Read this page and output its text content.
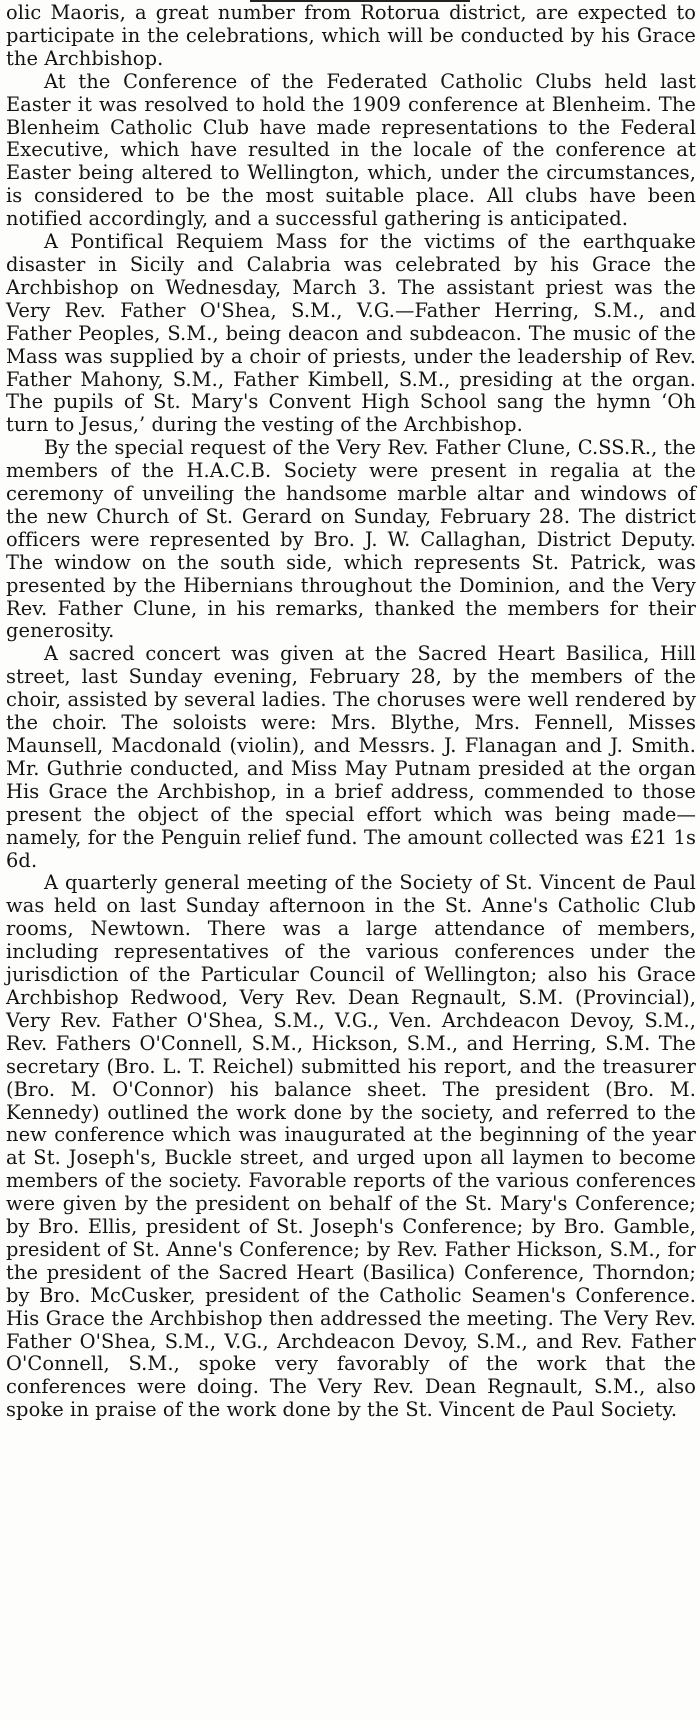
olic Maoris, a great number from Rotorua district, are expected to participate in the celebrations, which will be conducted by his Grace the Archbishop.

At the Conference of the Federated Catholic Clubs held last Easter it was resolved to hold the 1909 conference at Blenheim. The Blenheim Catholic Club have made representations to the Federal Executive, which have resulted in the locale of the conference at Easter being altered to Wellington, which, under the circumstances, is considered to be the most suitable place. All clubs have been notified accordingly, and a successful gathering is anticipated.

A Pontifical Requiem Mass for the victims of the earthquake disaster in Sicily and Calabria was celebrated by his Grace the Archbishop on Wednesday, March 3. The assistant priest was the Very Rev. Father O'Shea, S.M., V.G.—Father Herring, S.M., and Father Peoples, S.M., being deacon and subdeacon. The music of the Mass was supplied by a choir of priests, under the leadership of Rev. Father Mahony, S.M., Father Kimbell, S.M., presiding at the organ. The pupils of St. Mary's Convent High School sang the hymn ‘Oh turn to Jesus,’ during the vesting of the Archbishop.

By the special request of the Very Rev. Father Clune, C.SS.R., the members of the H.A.C.B. Society were present in regalia at the ceremony of unveiling the handsome marble altar and windows of the new Church of St. Gerard on Sunday, February 28. The district officers were represented by Bro. J. W. Callaghan, District Deputy. The window on the south side, which represents St. Patrick, was presented by the Hibernians throughout the Dominion, and the Very Rev. Father Clune, in his remarks, thanked the members for their generosity.

A sacred concert was given at the Sacred Heart Basilica, Hill street, last Sunday evening, February 28, by the members of the choir, assisted by several ladies. The choruses were well rendered by the choir. The soloists were: Mrs. Blythe, Mrs. Fennell, Misses Maunsell, Macdonald (violin), and Messrs. J. Flanagan and J. Smith. Mr. Guthrie conducted, and Miss May Putnam presided at the organ His Grace the Archbishop, in a brief address, commended to those present the object of the special effort which was being made—namely, for the Penguin relief fund. The amount collected was £21 1s 6d.

A quarterly general meeting of the Society of St. Vincent de Paul was held on last Sunday afternoon in the St. Anne's Catholic Club rooms, Newtown. There was a large attendance of members, including representatives of the various conferences under the jurisdiction of the Particular Council of Wellington; also his Grace Archbishop Redwood, Very Rev. Dean Regnault, S.M. (Provincial), Very Rev. Father O'Shea, S.M., V.G., Ven. Archdeacon Devoy, S.M., Rev. Fathers O'Connell, S.M., Hickson, S.M., and Herring, S.M. The secretary (Bro. L. T. Reichel) submitted his report, and the treasurer (Bro. M. O'Connor) his balance sheet. The president (Bro. M. Kennedy) outlined the work done by the society, and referred to the new conference which was inaugurated at the beginning of the year at St. Joseph's, Buckle street, and urged upon all laymen to become members of the society. Favorable reports of the various conferences were given by the president on behalf of the St. Mary's Conference; by Bro. Ellis, president of St. Joseph's Conference; by Bro. Gamble, president of St. Anne's Conference; by Rev. Father Hickson, S.M., for the president of the Sacred Heart (Basilica) Conference, Thorndon; by Bro. McCusker, president of the Catholic Seamen's Conference. His Grace the Archbishop then addressed the meeting. The Very Rev. Father O'Shea, S.M., V.G., Archdeacon Devoy, S.M., and Rev. Father O'Connell, S.M., spoke very favorably of the work that the conferences were doing. The Very Rev. Dean Regnault, S.M., also spoke in praise of the work done by the St. Vincent de Paul Society.
